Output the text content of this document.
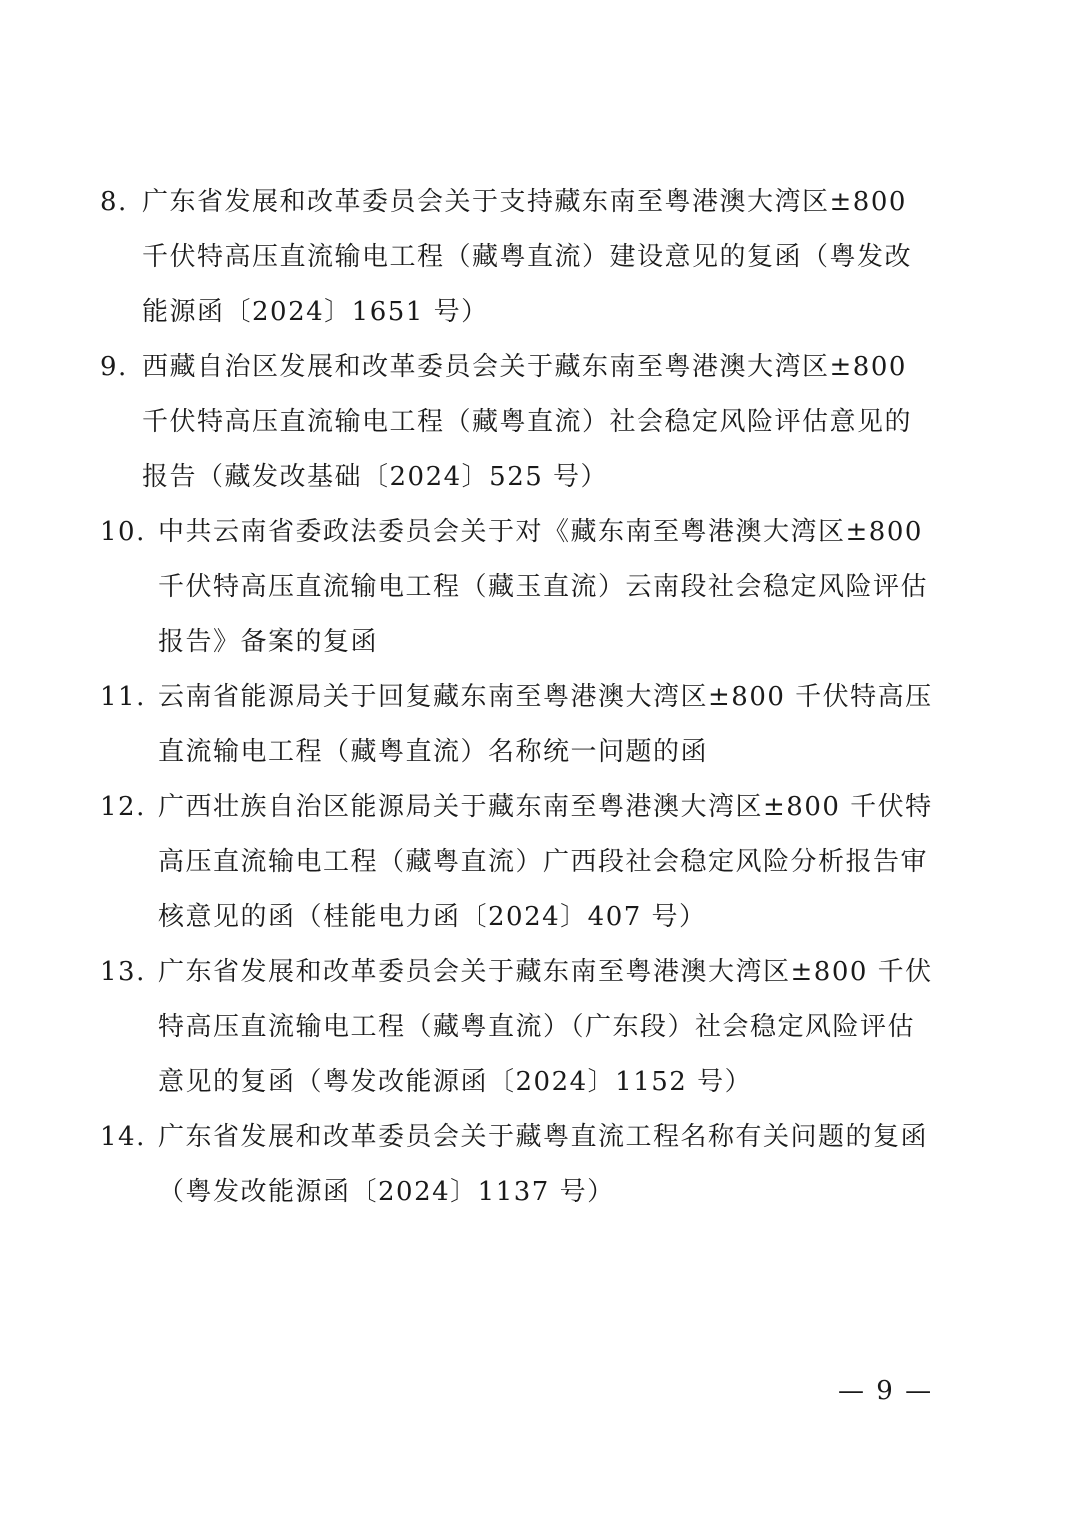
8. 广东省发展和改革委员会关于支持藏东南至粤港澳大湾区±800
千伏特高压直流输电工程（藏粤直流）建设意见的复函（粤发改
能源函〔2024〕1651 号）
9. 西藏自治区发展和改革委员会关于藏东南至粤港澳大湾区±800
千伏特高压直流输电工程（藏粤直流）社会稳定风险评估意见的
报告（藏发改基础〔2024〕525 号）
10. 中共云南省委政法委员会关于对《藏东南至粤港澳大湾区±800
千伏特高压直流输电工程（藏玉直流）云南段社会稳定风险评估
报告》备案的复函
11. 云南省能源局关于回复藏东南至粤港澳大湾区±800 千伏特高压
直流输电工程（藏粤直流）名称统一问题的函
12. 广西壮族自治区能源局关于藏东南至粤港澳大湾区±800 千伏特
高压直流输电工程（藏粤直流）广西段社会稳定风险分析报告审
核意见的函（桂能电力函〔2024〕407 号）
13. 广东省发展和改革委员会关于藏东南至粤港澳大湾区±800 千伏
特高压直流输电工程（藏粤直流）（广东段）社会稳定风险评估
意见的复函（粤发改能源函〔2024〕1152 号）
14. 广东省发展和改革委员会关于藏粤直流工程名称有关问题的复函
（粤发改能源函〔2024〕1137 号）
— 9 —
